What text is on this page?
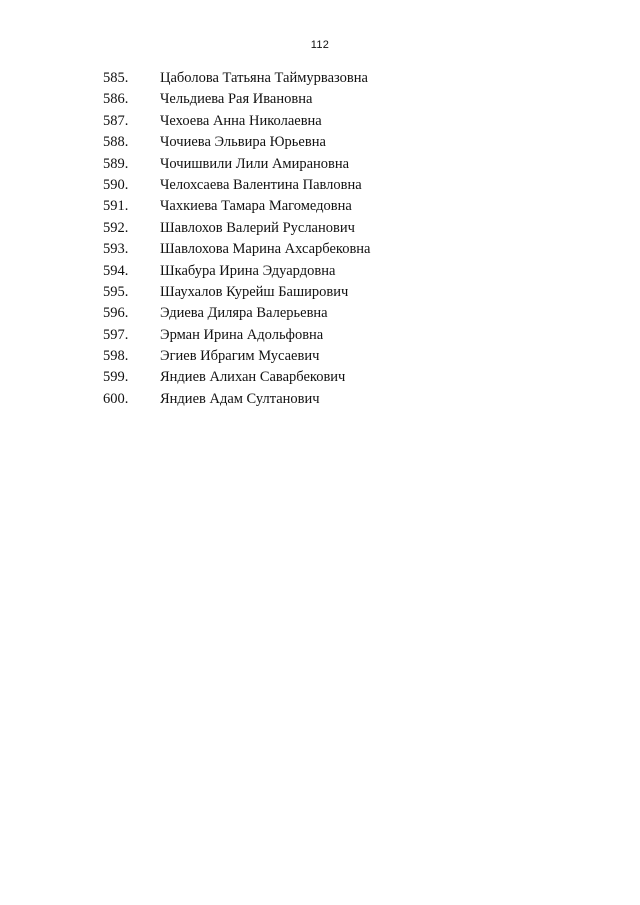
112
585. Цаболова Татьяна Таймурвазовна
586. Чельдиева Рая Ивановна
587. Чехоева Анна Николаевна
588. Чочиева Эльвира Юрьевна
589. Чочишвили Лили Амирановна
590. Челохсаева Валентина Павловна
591. Чахкиева Тамара Магомедовна
592. Шавлохов Валерий Русланович
593. Шавлохова Марина Ахсарбековна
594. Шкабура Ирина Эдуардовна
595. Шаухалов Курейш Баширович
596. Эдиева Диляра Валерьевна
597. Эрман Ирина Адольфовна
598. Эгиев Ибрагим Мусаевич
599. Яндиев Алихан Саварбекович
600. Яндиев Адам Султанович
